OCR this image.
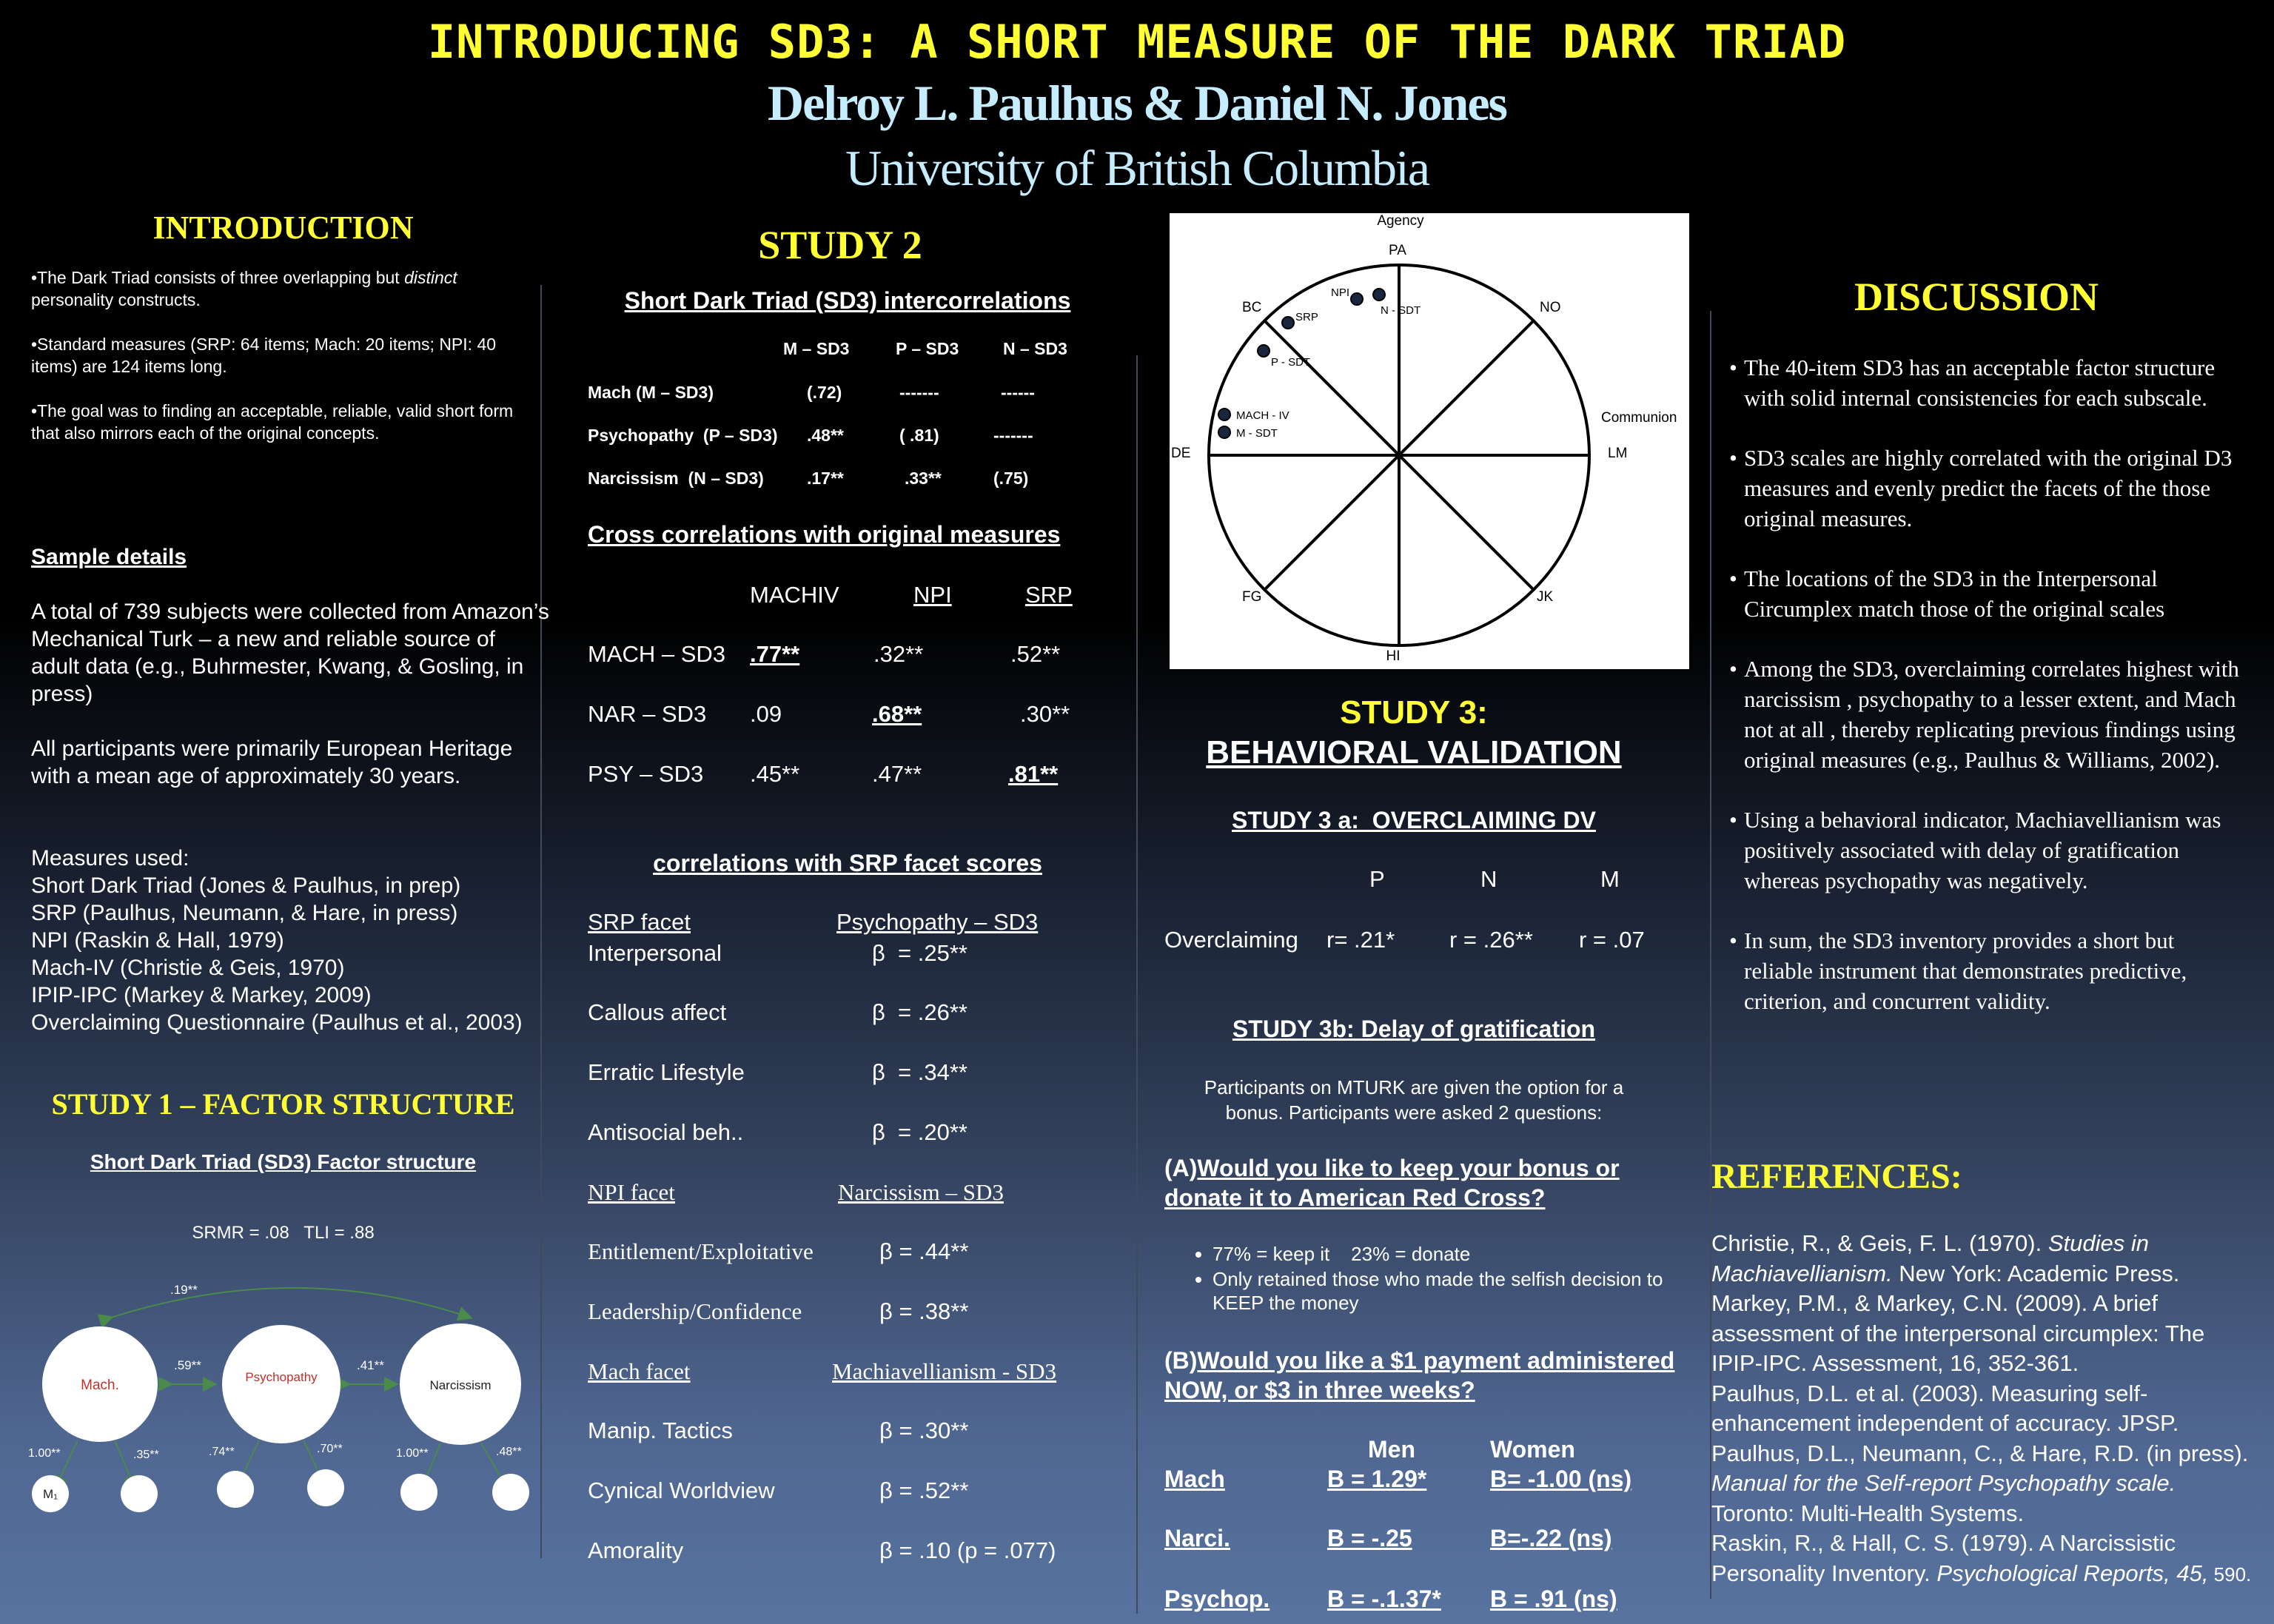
INTRODUCING SD3: A SHORT MEASURE OF THE DARK TRIAD
Delroy L. Paulhus & Daniel N. Jones
University of British Columbia
INTRODUCTION
•The Dark Triad consists of three overlapping but distinct personality constructs.
•Standard measures (SRP: 64 items; Mach: 20 items; NPI: 40 items) are 124 items long.
•The goal was to finding an acceptable, reliable, valid short form that also mirrors each of the original concepts.
Sample details
A total of 739 subjects were collected from Amazon’s Mechanical Turk – a new and reliable source of adult data (e.g., Buhrmester, Kwang, & Gosling, in press)
All participants were primarily European Heritage with a mean age of approximately 30 years.
Measures used:
Short Dark Triad (Jones & Paulhus, in prep)
SRP (Paulhus, Neumann, & Hare, in press)
NPI (Raskin & Hall, 1979)
Mach-IV (Christie & Geis, 1970)
IPIP-IPC (Markey & Markey, 2009)
Overclaiming Questionnaire (Paulhus et al., 2003)
STUDY 1 – FACTOR STRUCTURE
Short Dark Triad (SD3) Factor structure
SRMR = .08   TLI = .88
.19**
.59**	.41**
Mach.
Psychopathy
Narcissism
1.00**	.35**	.74**	.70**	1.00**	.48**
M₁
STUDY 2
Short Dark Triad (SD3) intercorrelations
M – SD3	P – SD3	N – SD3
Mach (M – SD3)	(.72)	-------	------
Psychopathy  (P – SD3) .48**	( .81)	-------
Narcissism  (N – SD3)	.17**	.33**	(.75)
Cross correlations with original measures
MACHIV	NPI	SRP
MACH – SD3 .77**	.32**	.52**
NAR – SD3 .09	.68**	.30**
PSY – SD3 .45**	.47**	.81**
correlations with SRP facet scores
SRP facet	Psychopathy – SD3
Interpersonal	β  = .25**
Callous affect	β  = .26**
Erratic Lifestyle	β  = .34**
Antisocial beh..	β  = .20**
NPI facet	Narcissism – SD3
Entitlement/Exploitative	β = .44**
Leadership/Confidence	β = .38**
Mach facet	Machiavellianism - SD3
Manip. Tactics	β = .30**
Cynical Worldview	β = .52**
Amorality	β = .10 (p = .077)
Agency
PA
BC	NO
Communion
DE	LM
FG	JK
HI
NPI
SRP
N - SDT
P - SDT
MACH - IV
M - SDT
STUDY 3:
BEHAVIORAL VALIDATION
STUDY 3 a:  OVERCLAIMING DV
P	N	M
Overclaiming r= .21* r = .26** r = .07
STUDY 3b: Delay of gratification
Participants on MTURK are given the option for a bonus. Participants were asked 2 questions:
(A)Would you like to keep your bonus or donate it to American Red Cross?
• 77% = keep it    23% = donate
• Only retained those who made the selfish decision to KEEP the money
(B)Would you like a $1 payment administered NOW, or $3 in three weeks?
Men	Women
Mach	B = 1.29*	B= -1.00 (ns)
Narci.	B = -.25	B=-.22 (ns)
Psychop. B = -.1.37* B = .91 (ns)
DISCUSSION
• The 40-item SD3 has an acceptable factor structure with solid internal consistencies for each subscale.
• SD3 scales are highly correlated with the original D3 measures and evenly predict the facets of the those original measures.
• The locations of the SD3 in the Interpersonal Circumplex match those of the original scales
• Among the SD3, overclaiming correlates highest with narcissism , psychopathy to a lesser extent, and Mach not at all , thereby replicating previous findings using original measures (e.g., Paulhus & Williams, 2002).
• Using a behavioral indicator, Machiavellianism was positively associated with delay of gratification whereas psychopathy was negatively.
• In sum, the SD3 inventory provides a short but reliable instrument that demonstrates predictive, criterion, and concurrent validity.
REFERENCES:
Christie, R., & Geis, F. L. (1970). Studies in Machiavellianism. New York: Academic Press.
Markey, P.M., & Markey, C.N. (2009). A brief assessment of the interpersonal circumplex: The IPIP-IPC. Assessment, 16, 352-361.
Paulhus, D.L. et al. (2003). Measuring self-enhancement independent of accuracy. JPSP.
Paulhus, D.L., Neumann, C., & Hare, R.D. (in press).    Manual for the Self-report Psychopathy scale.  Toronto: Multi-Health Systems.
Raskin, R., & Hall, C. S. (1979). A Narcissistic Personality Inventory. Psychological Reports, 45, 590.
